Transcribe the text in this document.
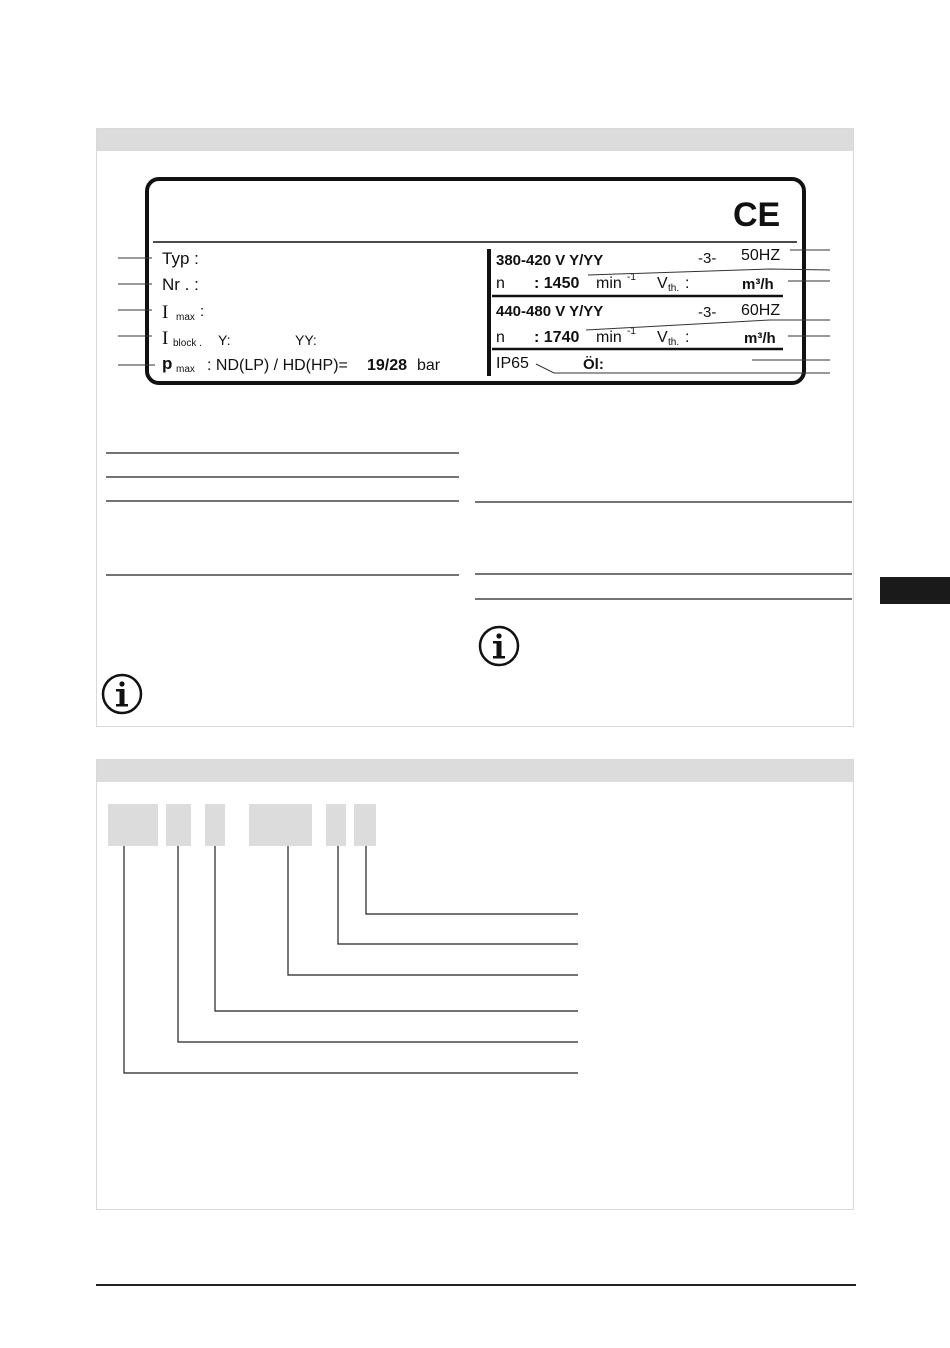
CE
Typ :
Nr . :
I max :
I block . Y:	YY:
p max : ND(LP) / HD(HP)= 19/28 bar
380-420 V Y/YY	-3- 50HZ
n : 1450 min -1 V th. :	m³/h
440-480 V Y/YY	-3- 60HZ
n : 1740 min -1 V th. :	m³/h
IP65	Öl:
